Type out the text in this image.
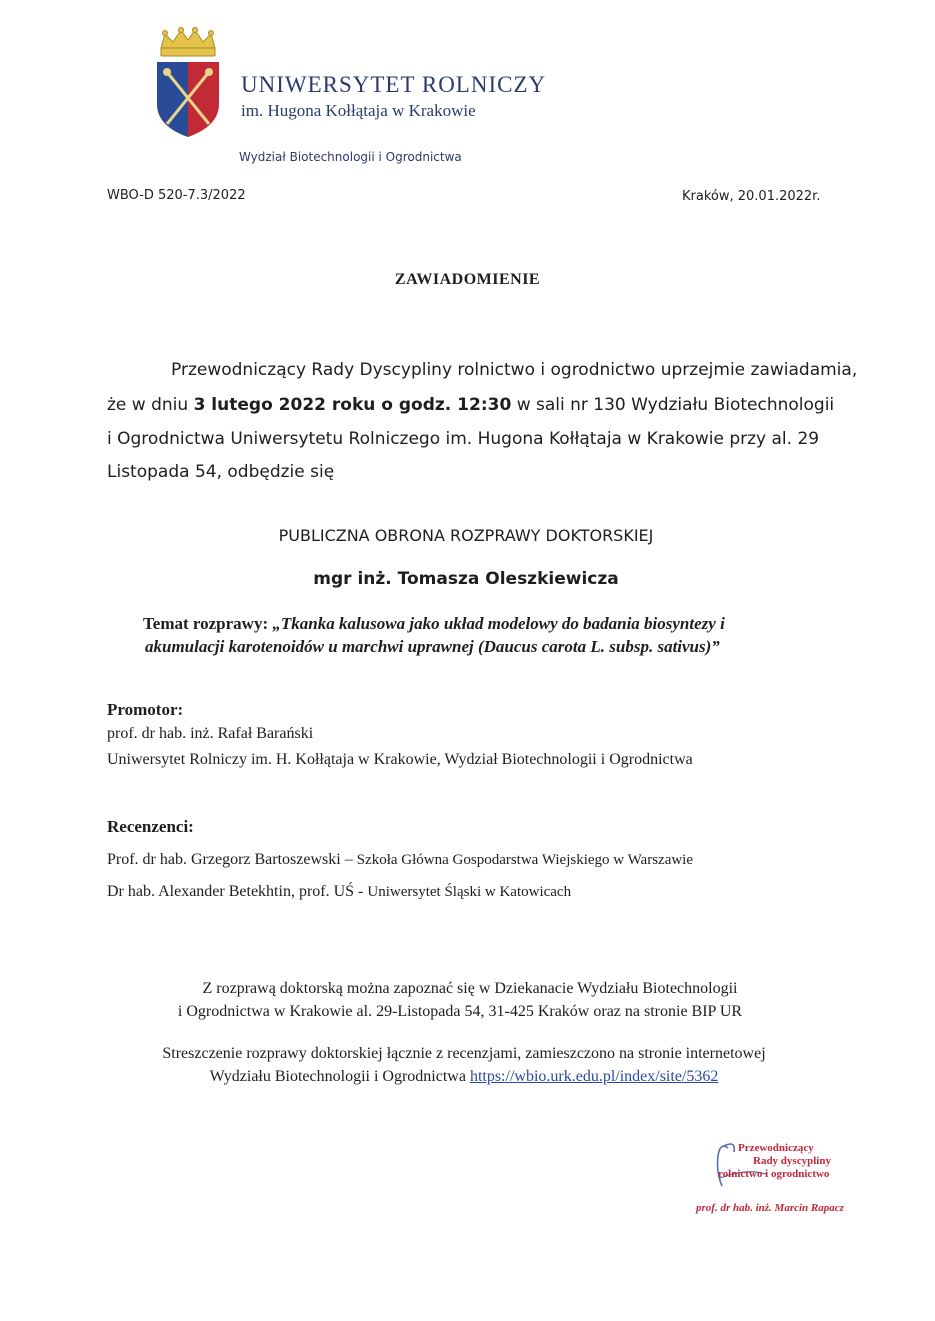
UNIWERSYTET ROLNICZY
im. Hugona Kołłątaja w Krakowie
Wydział Biotechnologii i Ogrodnictwa
WBO-D 520-7.3/2022	Kraków, 20.01.2022r.
ZAWIADOMIENIE
Przewodniczący Rady Dyscypliny rolnictwo i ogrodnictwo uprzejmie zawiadamia,
że w dniu 3 lutego 2022 roku o godz. 12:30 w sali nr 130 Wydziału Biotechnologii
i Ogrodnictwa Uniwersytetu Rolniczego im. Hugona Kołłątaja w Krakowie przy al. 29
Listopada 54, odbędzie się
PUBLICZNA OBRONA ROZPRAWY DOKTORSKIEJ
mgr inż. Tomasza Oleszkiewicza
Temat rozprawy: „Tkanka kalusowa jako układ modelowy do badania biosyntezy i
akumulacji karotenoidów u marchwi uprawnej (Daucus carota L. subsp. sativus)”
Promotor:
prof. dr hab. inż. Rafał Barański
Uniwersytet Rolniczy im. H. Kołłątaja w Krakowie, Wydział Biotechnologii i Ogrodnictwa
Recenzenci:
Prof. dr hab. Grzegorz Bartoszewski – Szkoła Główna Gospodarstwa Wiejskiego w Warszawie
Dr hab. Alexander Betekhtin, prof. UŚ - Uniwersytet Śląski w Katowicach
Z rozprawą doktorską można zapoznać się w Dziekanacie Wydziału Biotechnologii
i Ogrodnictwa w Krakowie al. 29-Listopada 54, 31-425 Kraków oraz na stronie BIP UR
Streszczenie rozprawy doktorskiej łącznie z recenzjami, zamieszczono na stronie internetowej
Wydziału Biotechnologii i Ogrodnictwa https://wbio.urk.edu.pl/index/site/5362
Przewodniczący
Rady dyscypliny
rolnictwo i ogrodnictwo
prof. dr hab. inż. Marcin Rapacz
